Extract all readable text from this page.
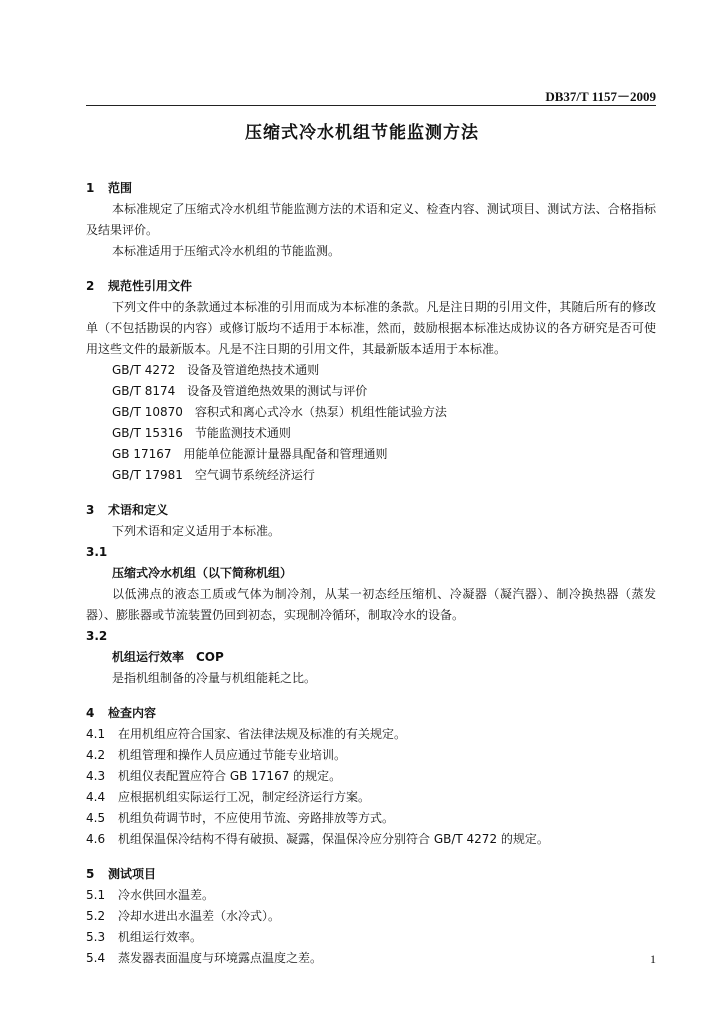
DB37/T 1157－2009
压缩式冷水机组节能监测方法
1 范围
本标准规定了压缩式冷水机组节能监测方法的术语和定义、检查内容、测试项目、测试方法、合格指标及结果评价。
本标准适用于压缩式冷水机组的节能监测。
2 规范性引用文件
下列文件中的条款通过本标准的引用而成为本标准的条款。凡是注日期的引用文件，其随后所有的修改单（不包括勘误的内容）或修订版均不适用于本标准，然而，鼓励根据本标准达成协议的各方研究是否可使用这些文件的最新版本。凡是不注日期的引用文件，其最新版本适用于本标准。
GB/T 4272　设备及管道绝热技术通则
GB/T 8174　设备及管道绝热效果的测试与评价
GB/T 10870　容积式和离心式冷水（热泵）机组性能试验方法
GB/T 15316　节能监测技术通则
GB 17167　用能单位能源计量器具配备和管理通则
GB/T 17981　空气调节系统经济运行
3 术语和定义
下列术语和定义适用于本标准。
3.1
压缩式冷水机组（以下简称机组）
以低沸点的液态工质或气体为制冷剂，从某一初态经压缩机、冷凝器（凝汽器）、制冷换热器（蒸发器）、膨胀器或节流装置仍回到初态，实现制冷循环，制取冷水的设备。
3.2
机组运行效率　COP
是指机组制备的冷量与机组能耗之比。
4 检查内容
4.1 在用机组应符合国家、省法律法规及标准的有关规定。
4.2 机组管理和操作人员应通过节能专业培训。
4.3 机组仪表配置应符合 GB 17167 的规定。
4.4 应根据机组实际运行工况，制定经济运行方案。
4.5 机组负荷调节时，不应使用节流、旁路排放等方式。
4.6 机组保温保冷结构不得有破损、凝露，保温保冷应分别符合 GB/T 4272 的规定。
5 测试项目
5.1 冷水供回水温差。
5.2 冷却水进出水温差（水冷式）。
5.3 机组运行效率。
5.4 蒸发器表面温度与环境露点温度之差。	1
